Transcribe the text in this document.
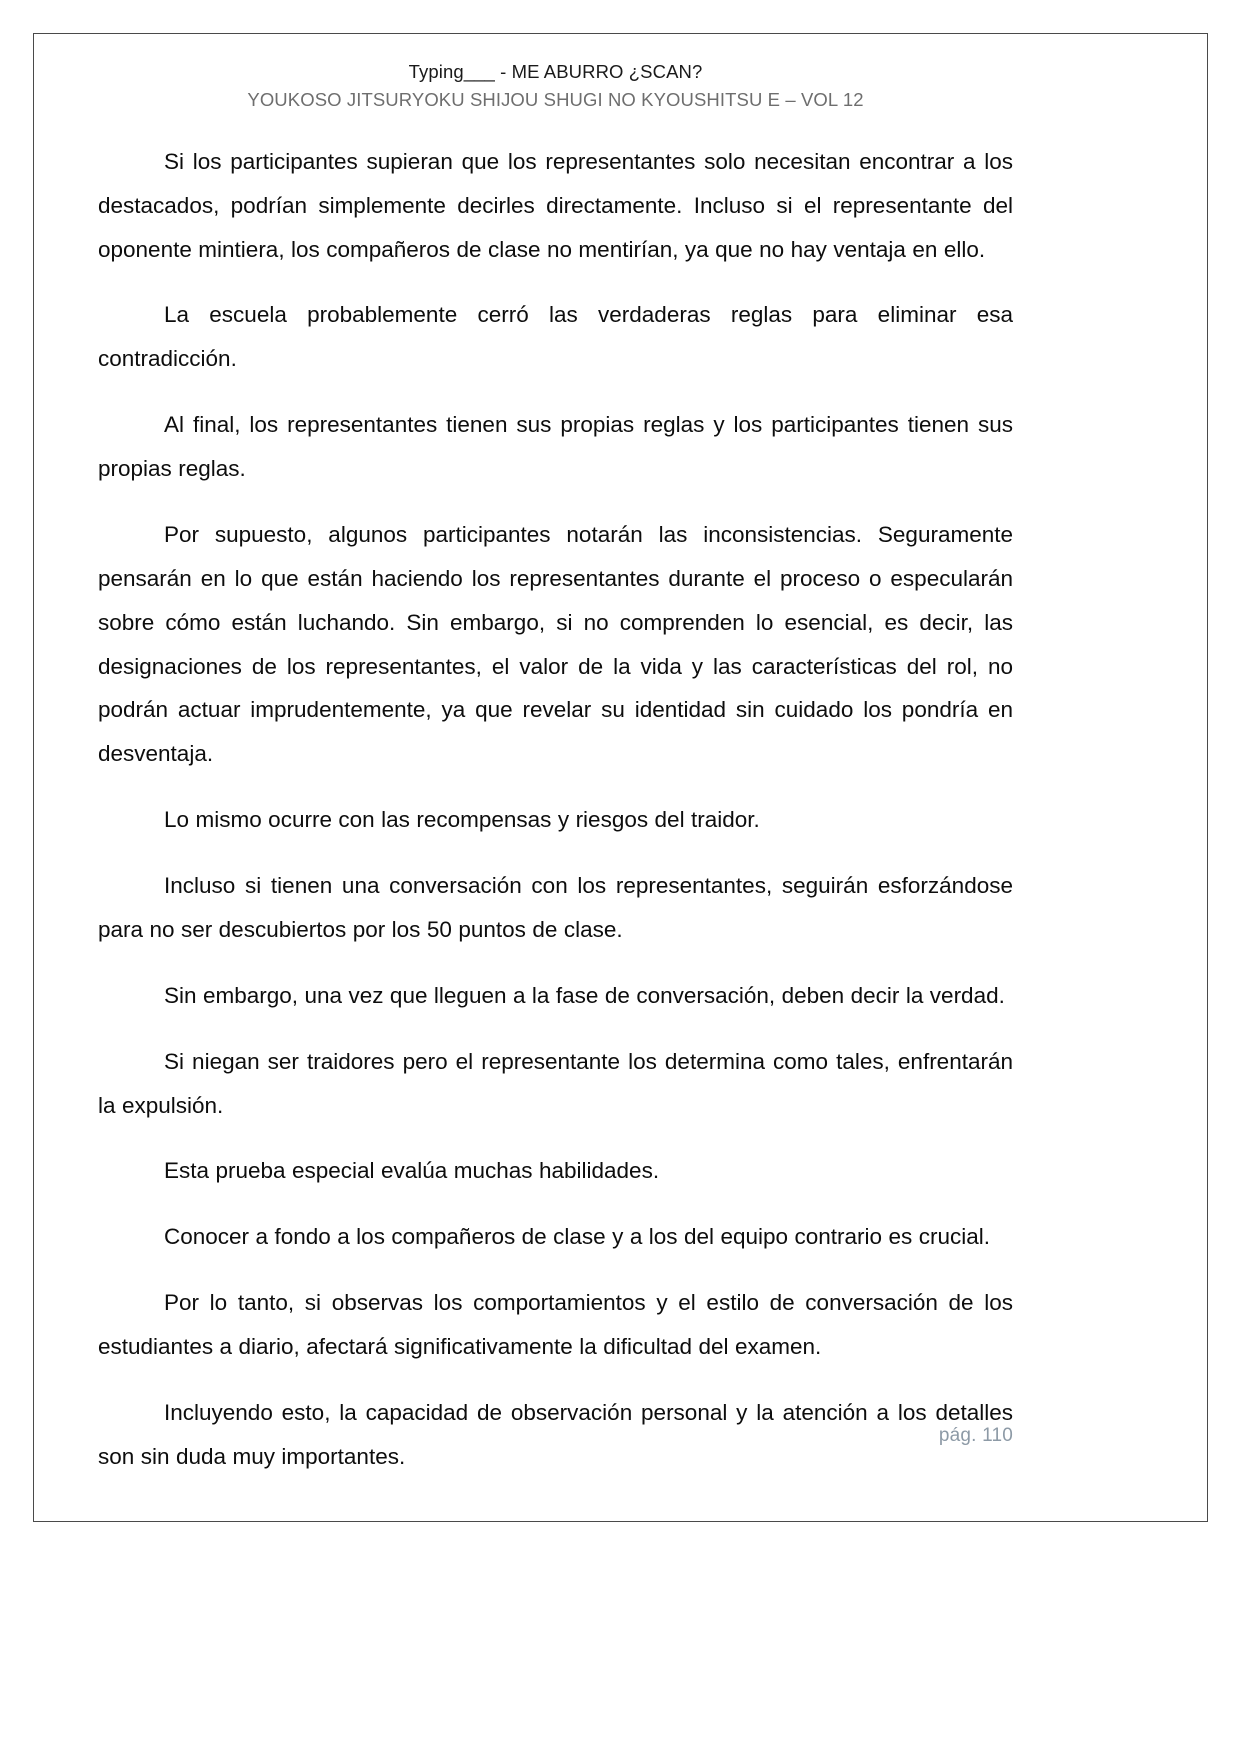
Typing___ - ME ABURRO ¿SCAN?
YOUKOSO JITSURYOKU SHIJOU SHUGI NO KYOUSHITSU E – VOL 12

Si los participantes supieran que los representantes solo necesitan encontrar a los destacados, podrían simplemente decirles directamente. Incluso si el representante del oponente mintiera, los compañeros de clase no mentirían, ya que no hay ventaja en ello.

La escuela probablemente cerró las verdaderas reglas para eliminar esa contradicción.

Al final, los representantes tienen sus propias reglas y los participantes tienen sus propias reglas.

Por supuesto, algunos participantes notarán las inconsistencias. Seguramente pensarán en lo que están haciendo los representantes durante el proceso o especularán sobre cómo están luchando. Sin embargo, si no comprenden lo esencial, es decir, las designaciones de los representantes, el valor de la vida y las características del rol, no podrán actuar imprudentemente, ya que revelar su identidad sin cuidado los pondría en desventaja.

Lo mismo ocurre con las recompensas y riesgos del traidor.

Incluso si tienen una conversación con los representantes, seguirán esforzándose para no ser descubiertos por los 50 puntos de clase.

Sin embargo, una vez que lleguen a la fase de conversación, deben decir la verdad.

Si niegan ser traidores pero el representante los determina como tales, enfrentarán la expulsión.

Esta prueba especial evalúa muchas habilidades.

Conocer a fondo a los compañeros de clase y a los del equipo contrario es crucial.

Por lo tanto, si observas los comportamientos y el estilo de conversación de los estudiantes a diario, afectará significativamente la dificultad del examen.

Incluyendo esto, la capacidad de observación personal y la atención a los detalles son sin duda muy importantes.

pág. 110
